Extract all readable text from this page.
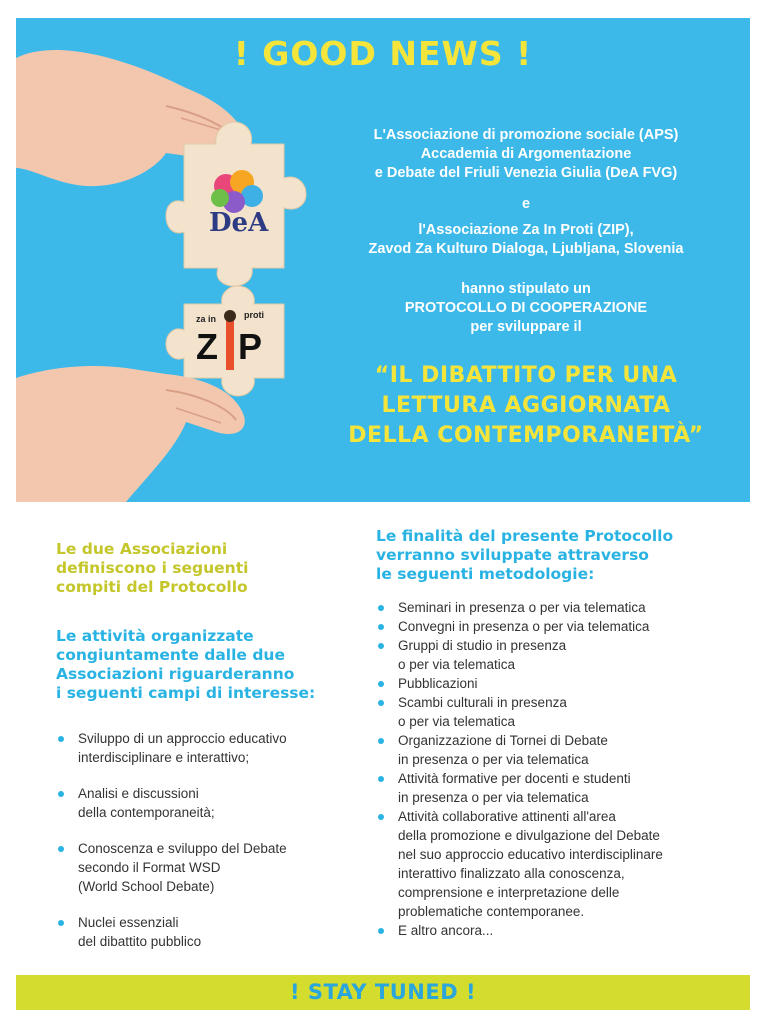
DeA
za in	proti
Z P

! GOOD NEWS !

L'Associazione di promozione sociale (APS)
Accademia di Argomentazione
e Debate del Friuli Venezia Giulia (DeA FVG)

e

l'Associazione Za In Proti (ZIP),
Zavod Za Kulturo Dialoga, Ljubljana, Slovenia

hanno stipulato un
PROTOCOLLO DI COOPERAZIONE
per sviluppare il

“IL DIBATTITO PER UNA
LETTURA AGGIORNATA
DELLA CONTEMPORANEITÀ”

Le due Associazioni
definiscono i seguenti
compiti del Protocollo

Le attività organizzate
congiuntamente dalle due
Associazioni riguarderanno
i seguenti campi di interesse:

Sviluppo di un approccio educativo
interdisciplinare e interattivo;
Analisi e discussioni
della contemporaneità;
Conoscenza e sviluppo del Debate
secondo il Format WSD
(World School Debate)
Nuclei essenziali
del dibattito pubblico

Le finalità del presente Protocollo
verranno sviluppate attraverso
le seguenti metodologie:

Seminari in presenza o per via telematica
Convegni in presenza o per via telematica
Gruppi di studio in presenza
o per via telematica
Pubblicazioni
Scambi culturali in presenza
o per via telematica
Organizzazione di Tornei di Debate
in presenza o per via telematica
Attività formative per docenti e studenti
in presenza o per via telematica
Attività collaborative attinenti all'area
della promozione e divulgazione del Debate
nel suo approccio educativo interdisciplinare
interattivo finalizzato alla conoscenza,
comprensione e interpretazione delle
problematiche contemporanee.
E altro ancora...
! STAY TUNED !
